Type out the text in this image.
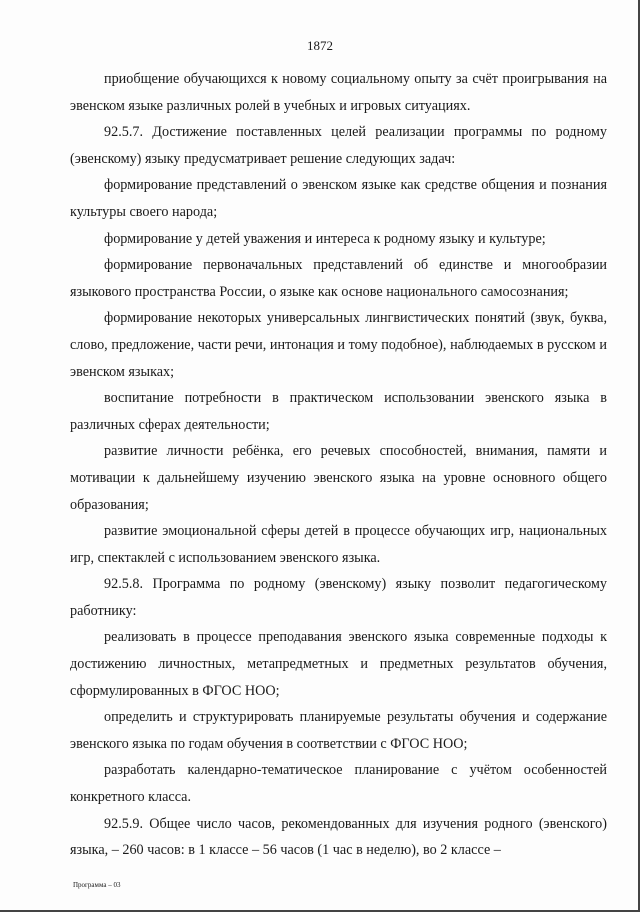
1872

приобщение обучающихся к новому социальному опыту за счёт проигрывания на эвенском языке различных ролей в учебных и игровых ситуациях.

92.5.7. Достижение поставленных целей реализации программы по родному (эвенскому) языку предусматривает решение следующих задач:

формирование представлений о эвенском языке как средстве общения и познания культуры своего народа;

формирование у детей уважения и интереса к родному языку и культуре;

формирование первоначальных представлений об единстве и многообразии языкового пространства России, о языке как основе национального самосознания;

формирование некоторых универсальных лингвистических понятий (звук, буква, слово, предложение, части речи, интонация и тому подобное), наблюдаемых в русском и эвенском языках;

воспитание потребности в практическом использовании эвенского языка в различных сферах деятельности;

развитие личности ребёнка, его речевых способностей, внимания, памяти и мотивации к дальнейшему изучению эвенского языка на уровне основного общего образования;

развитие эмоциональной сферы детей в процессе обучающих игр, национальных игр, спектаклей с использованием эвенского языка.

92.5.8. Программа по родному (эвенскому) языку позволит педагогическому работнику:

реализовать в процессе преподавания эвенского языка современные подходы к достижению личностных, метапредметных и предметных результатов обучения, сформулированных в ФГОС НОО;

определить и структурировать планируемые результаты обучения и содержание эвенского языка по годам обучения в соответствии с ФГОС НОО;

разработать календарно-тематическое планирование с учётом особенностей конкретного класса.

92.5.9. Общее число часов, рекомендованных для изучения родного (эвенского) языка, – 260 часов: в 1 классе – 56 часов (1 час в неделю), во 2 классе –

Программа – 03
